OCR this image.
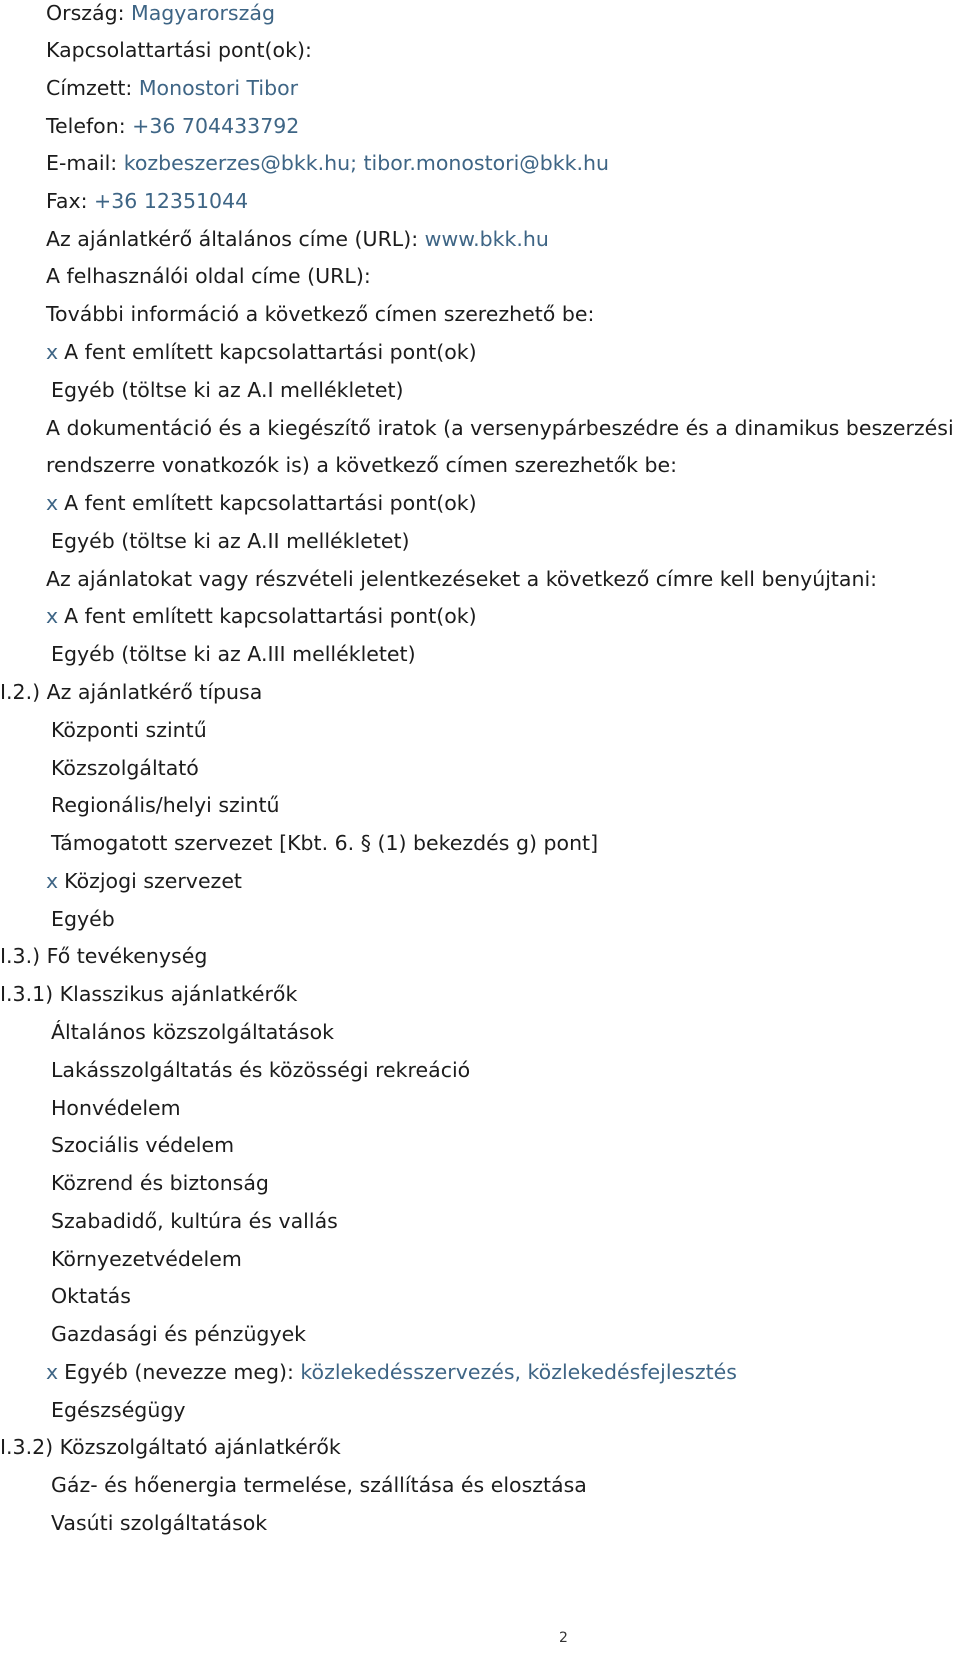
Ország: Magyarország
Kapcsolattartási pont(ok):
Címzett: Monostori Tibor
Telefon: +36 704433792
E-mail: kozbeszerzes@bkk.hu; tibor.monostori@bkk.hu
Fax: +36 12351044
Az ajánlatkérő általános címe (URL): www.bkk.hu
A felhasználói oldal címe (URL):
További információ a következő címen szerezhető be:
x A fent említett kapcsolattartási pont(ok)
Egyéb (töltse ki az A.I mellékletet)
A dokumentáció és a kiegészítő iratok (a versenypárbeszédre és a dinamikus beszerzési
rendszerre vonatkozók is) a következő címen szerezhetők be:
x A fent említett kapcsolattartási pont(ok)
Egyéb (töltse ki az A.II mellékletet)
Az ajánlatokat vagy részvételi jelentkezéseket a következő címre kell benyújtani:
x A fent említett kapcsolattartási pont(ok)
Egyéb (töltse ki az A.III mellékletet)
I.2.) Az ajánlatkérő típusa
Központi szintű
Közszolgáltató
Regionális/helyi szintű
Támogatott szervezet [Kbt. 6. § (1) bekezdés g) pont]
x Közjogi szervezet
Egyéb
I.3.) Fő tevékenység
I.3.1) Klasszikus ajánlatkérők
Általános közszolgáltatások
Lakásszolgáltatás és közösségi rekreáció
Honvédelem
Szociális védelem
Közrend és biztonság
Szabadidő, kultúra és vallás
Környezetvédelem
Oktatás
Gazdasági és pénzügyek
x Egyéb (nevezze meg): közlekedésszervezés, közlekedésfejlesztés
Egészségügy
I.3.2) Közszolgáltató ajánlatkérők
Gáz- és hőenergia termelése, szállítása és elosztása
Vasúti szolgáltatások
2
